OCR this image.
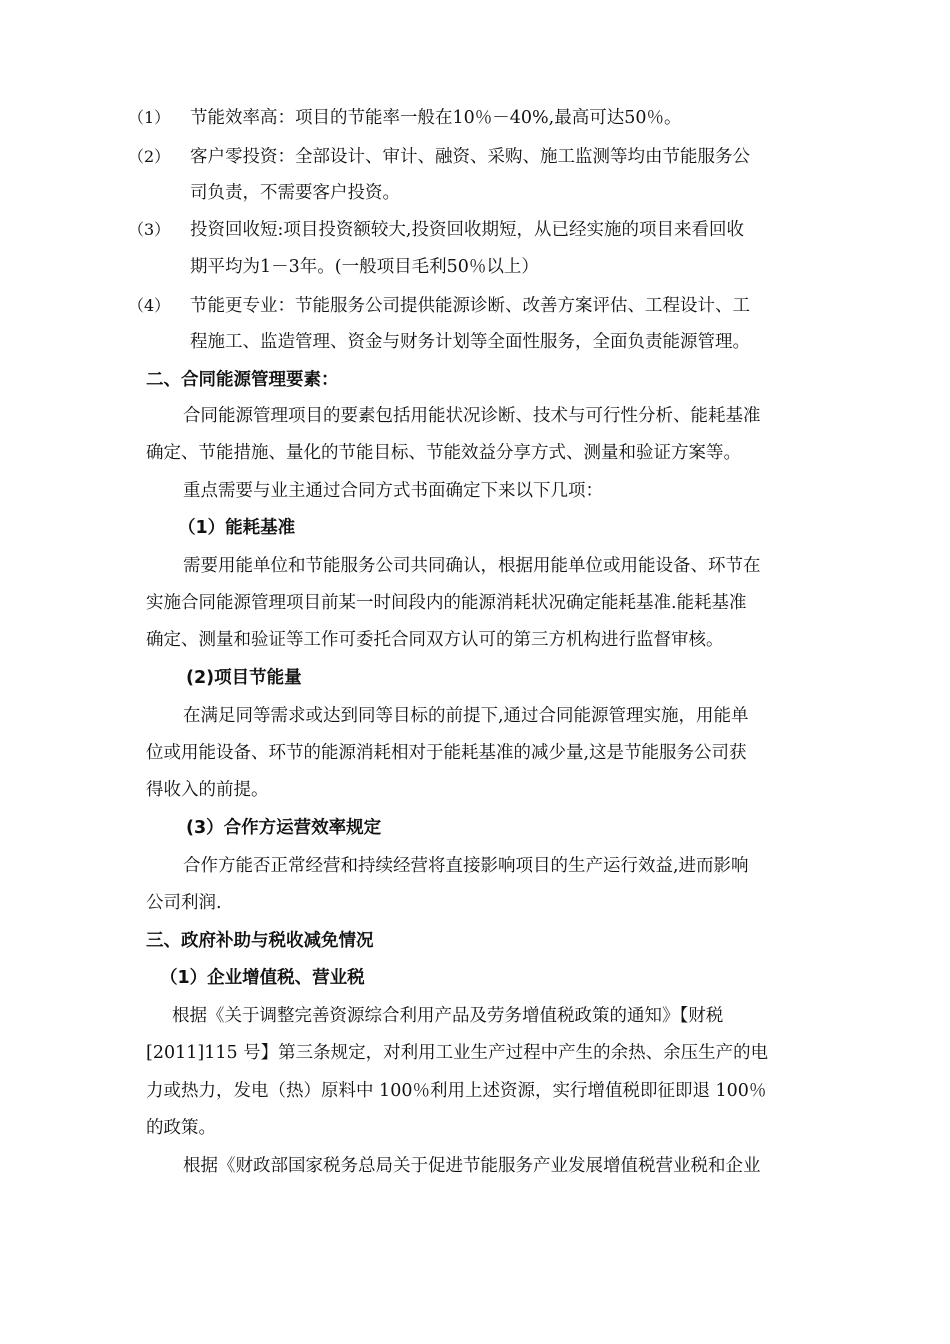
（1） 节能效率高：项目的节能率一般在10％－40%,最高可达50％。
（2） 客户零投资：全部设计、审计、融资、采购、施工监测等均由节能服务公
司负责，不需要客户投资。
（3） 投资回收短:项目投资额较大,投资回收期短，从已经实施的项目来看回收
期平均为1－3年。(一般项目毛利50％以上）
（4） 节能更专业：节能服务公司提供能源诊断、改善方案评估、工程设计、工
程施工、监造管理、资金与财务计划等全面性服务，全面负责能源管理。
二、合同能源管理要素：
合同能源管理项目的要素包括用能状况诊断、技术与可行性分析、能耗基准
确定、节能措施、量化的节能目标、节能效益分享方式、测量和验证方案等。
重点需要与业主通过合同方式书面确定下来以下几项：
（1）能耗基准
需要用能单位和节能服务公司共同确认，根据用能单位或用能设备、环节在
实施合同能源管理项目前某一时间段内的能源消耗状况确定能耗基准.能耗基准
确定、测量和验证等工作可委托合同双方认可的第三方机构进行监督审核。
(2)项目节能量
在满足同等需求或达到同等目标的前提下,通过合同能源管理实施，用能单
位或用能设备、环节的能源消耗相对于能耗基准的减少量,这是节能服务公司获
得收入的前提。
(3）合作方运营效率规定
合作方能否正常经营和持续经营将直接影响项目的生产运行效益,进而影响
公司利润.
三、政府补助与税收减免情况
（1）企业增值税、营业税
根据《关于调整完善资源综合利用产品及劳务增值税政策的通知》【财税
[2011]115 号】第三条规定，对利用工业生产过程中产生的余热、余压生产的电
力或热力，发电（热）原料中 100％利用上述资源，实行增值税即征即退 100％
的政策。
根据《财政部国家税务总局关于促进节能服务产业发展增值税营业税和企业
